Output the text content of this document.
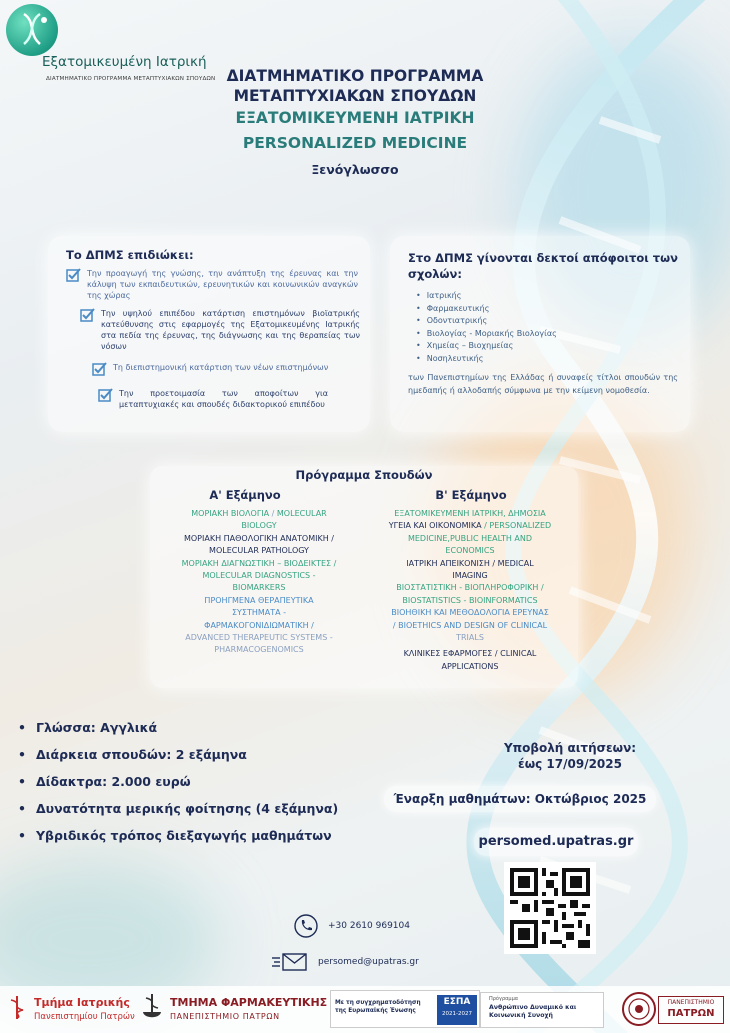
Εξατομικευμένη Ιατρική
ΔΙΑΤΜΗΜΑΤΙΚΟ ΠΡΟΓΡΑΜΜΑ ΜΕΤΑΠΤΥΧΙΑΚΩΝ ΣΠΟΥΔΩΝ ΔΙΑΤΜΗΜΑΤΙΚΟ ΠΡΟΓΡΑΜΜΑ
ΜΕΤΑΠΤΥΧΙΑΚΩΝ ΣΠΟΥΔΩΝ
ΕΞΑΤΟΜΙΚΕΥΜΕΝΗ ΙΑΤΡΙΚΗ
PERSONALIZED MEDICINE
Ξενόγλωσσο
Το ΔΠΜΣ επιδιώκει:
Την προαγωγή της γνώσης, την ανάπτυξη της έρευνας και την κάλυψη των εκπαιδευτικών, ερευνητικών και κοινωνικών αναγκών της χώρας
Την υψηλού επιπέδου κατάρτιση επιστημόνων βιοϊατρικής κατεύθυνσης στις εφαρμογές της Εξατομικευμένης Ιατρικής στα πεδία της έρευνας, της διάγνωσης και της θεραπείας των νόσων
Τη διεπιστημονική κατάρτιση των νέων επιστημόνων
Την προετοιμασία των αποφοίτων για μεταπτυχιακές και σπουδές διδακτορικού επιπέδου
Στο ΔΠΜΣ γίνονται δεκτοί απόφοιτοι των σχολών:
• Ιατρικής
• Φαρμακευτικής
• Οδοντιατρικής
• Βιολογίας - Μοριακής Βιολογίας
• Χημείας – Βιοχημείας
• Νοσηλευτικής
των Πανεπιστημίων της Ελλάδας ή συναφείς τίτλοι σπουδών της ημεδαπής ή αλλοδαπής σύμφωνα με την κείμενη νομοθεσία.
Πρόγραμμα Σπουδών
Α' Εξάμηνο	Β' Εξάμηνο
ΜΟΡΙΑΚΗ ΒΙΟΛΟΓΙΑ / MOLECULAR
BIOLOGY
ΜΟΡΙΑΚΗ ΠΑΘΟΛΟΓΙΚΗ ΑΝΑΤΟΜΙΚΗ /
MOLECULAR PATHOLOGY
ΜΟΡΙΑΚΗ ΔΙΑΓΝΩΣΤΙΚΗ – ΒΙΟΔΕΙΚΤΕΣ /
MOLECULAR DIAGNOSTICS -
BIOMARKERS
ΠΡΟΗΓΜΕΝΑ ΘΕΡΑΠΕΥΤΙΚΑ
ΣΥΣΤΗΜΑΤΑ -
ΦΑΡΜΑΚΟΓΟΝΙΔΙΩΜΑΤΙΚΗ /
ADVANCED THERAPEUTIC SYSTEMS -
PHARMACOGENOMICS
ΕΞΑΤΟΜΙΚΕΥΜΕΝΗ ΙΑΤΡΙΚΗ, ΔΗΜΟΣΙΑ
ΥΓΕΙΑ ΚΑΙ ΟΙΚΟΝΟΜΙΚΑ / PERSONALIZED
MEDICINE,PUBLIC HEALTH AND
ECONOMICS
ΙΑΤΡΙΚΗ ΑΠΕΙΚΟΝΙΣΗ / MEDICAL
IMAGING
ΒΙΟΣΤΑΤΙΣΤΙΚΗ - ΒΙΟΠΛΗΡΟΦΟΡΙΚΗ /
BIOSTATISTICS - BIOINFORMATICS
ΒΙΟΗΘΙΚΗ ΚΑΙ ΜΕΘΟΔΟΛΟΓΙΑ ΕΡΕΥΝΑΣ
/ BIOETHICS AND DESIGN OF CLINICAL
TRIALS
ΚΛΙΝΙΚΕΣ ΕΦΑΡΜΟΓΕΣ / CLINICAL
APPLICATIONS
• Γλώσσα: Αγγλικά
• Διάρκεια σπουδών: 2 εξάμηνα
• Δίδακτρα: 2.000 ευρώ
• Δυνατότητα μερικής φοίτησης (4 εξάμηνα)
• Υβριδικός τρόπος διεξαγωγής μαθημάτων
Υποβολή αιτήσεων:
έως 17/09/2025
Έναρξη μαθημάτων: Οκτώβριος 2025
persomed.upatras.gr
+30 2610 969104
persomed@upatras.gr
Τμήμα Ιατρικής
Πανεπιστημίου Πατρών
ΤΜΗΜΑ ΦΑΡΜΑΚΕΥΤΙΚΗΣ
ΠΑΝΕΠΙΣΤΗΜΙΟ ΠΑΤΡΩΝ
Με τη συγχρηματοδότηση
της Ευρωπαϊκής Ένωσης
ΕΣΠΑ
2021-2027
Πρόγραμμα
Ανθρώπινο Δυναμικό και
Κοινωνική Συνοχή
ΠΑΝΕΠΙΣΤΗΜΙΟ
ΠΑΤΡΩΝ
